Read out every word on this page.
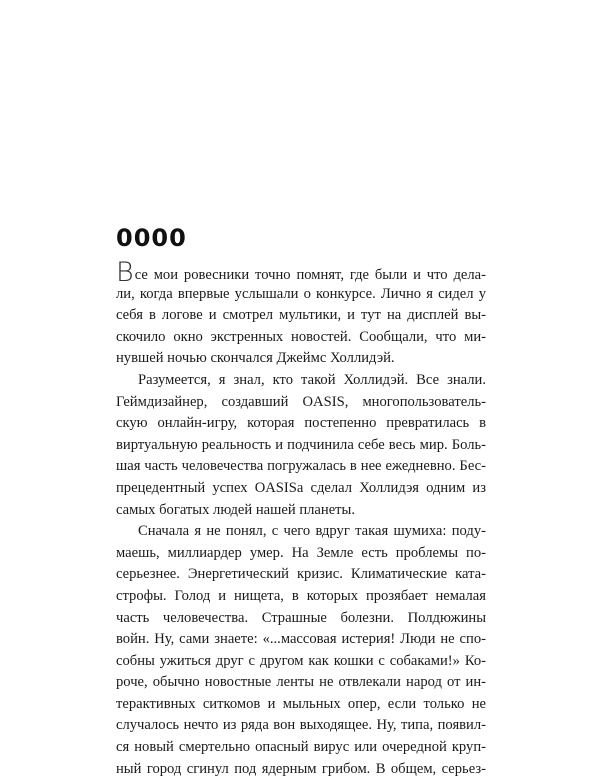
0000
Все мои ровесники точно помнят, где были и что дела-
ли, когда впервые услышали о конкурсе. Лично я сидел у
себя в логове и смотрел мультики, и тут на дисплей вы-
скочило окно экстренных новостей. Сообщали, что ми-
нувшей ночью скончался Джеймс Холлидэй.
Разумеется, я знал, кто такой Холлидэй. Все знали.
Геймдизайнер, создавший OASIS, многопользователь-
скую онлайн-игру, которая постепенно превратилась в
виртуальную реальность и подчинила себе весь мир. Боль-
шая часть человечества погружалась в нее ежедневно. Бес-
прецедентный успех OASISа сделал Холлидэя одним из
самых богатых людей нашей планеты.
Сначала я не понял, с чего вдруг такая шумиха: поду-
маешь, миллиардер умер. На Земле есть проблемы по-
серьезнее. Энергетический кризис. Климатические ката-
строфы. Голод и нищета, в которых прозябает немалая
часть человечества. Страшные болезни. Полдюжины
войн. Ну, сами знаете: «...массовая истерия! Люди не спо-
собны ужиться друг с другом как кошки с собаками!» Ко-
роче, обычно новостные ленты не отвлекали народ от ин-
терактивных ситкомов и мыльных опер, если только не
случалось нечто из ряда вон выходящее. Ну, типа, появил-
ся новый смертельно опасный вирус или очередной круп-
ный город сгинул под ядерным грибом. В общем, серьез-
